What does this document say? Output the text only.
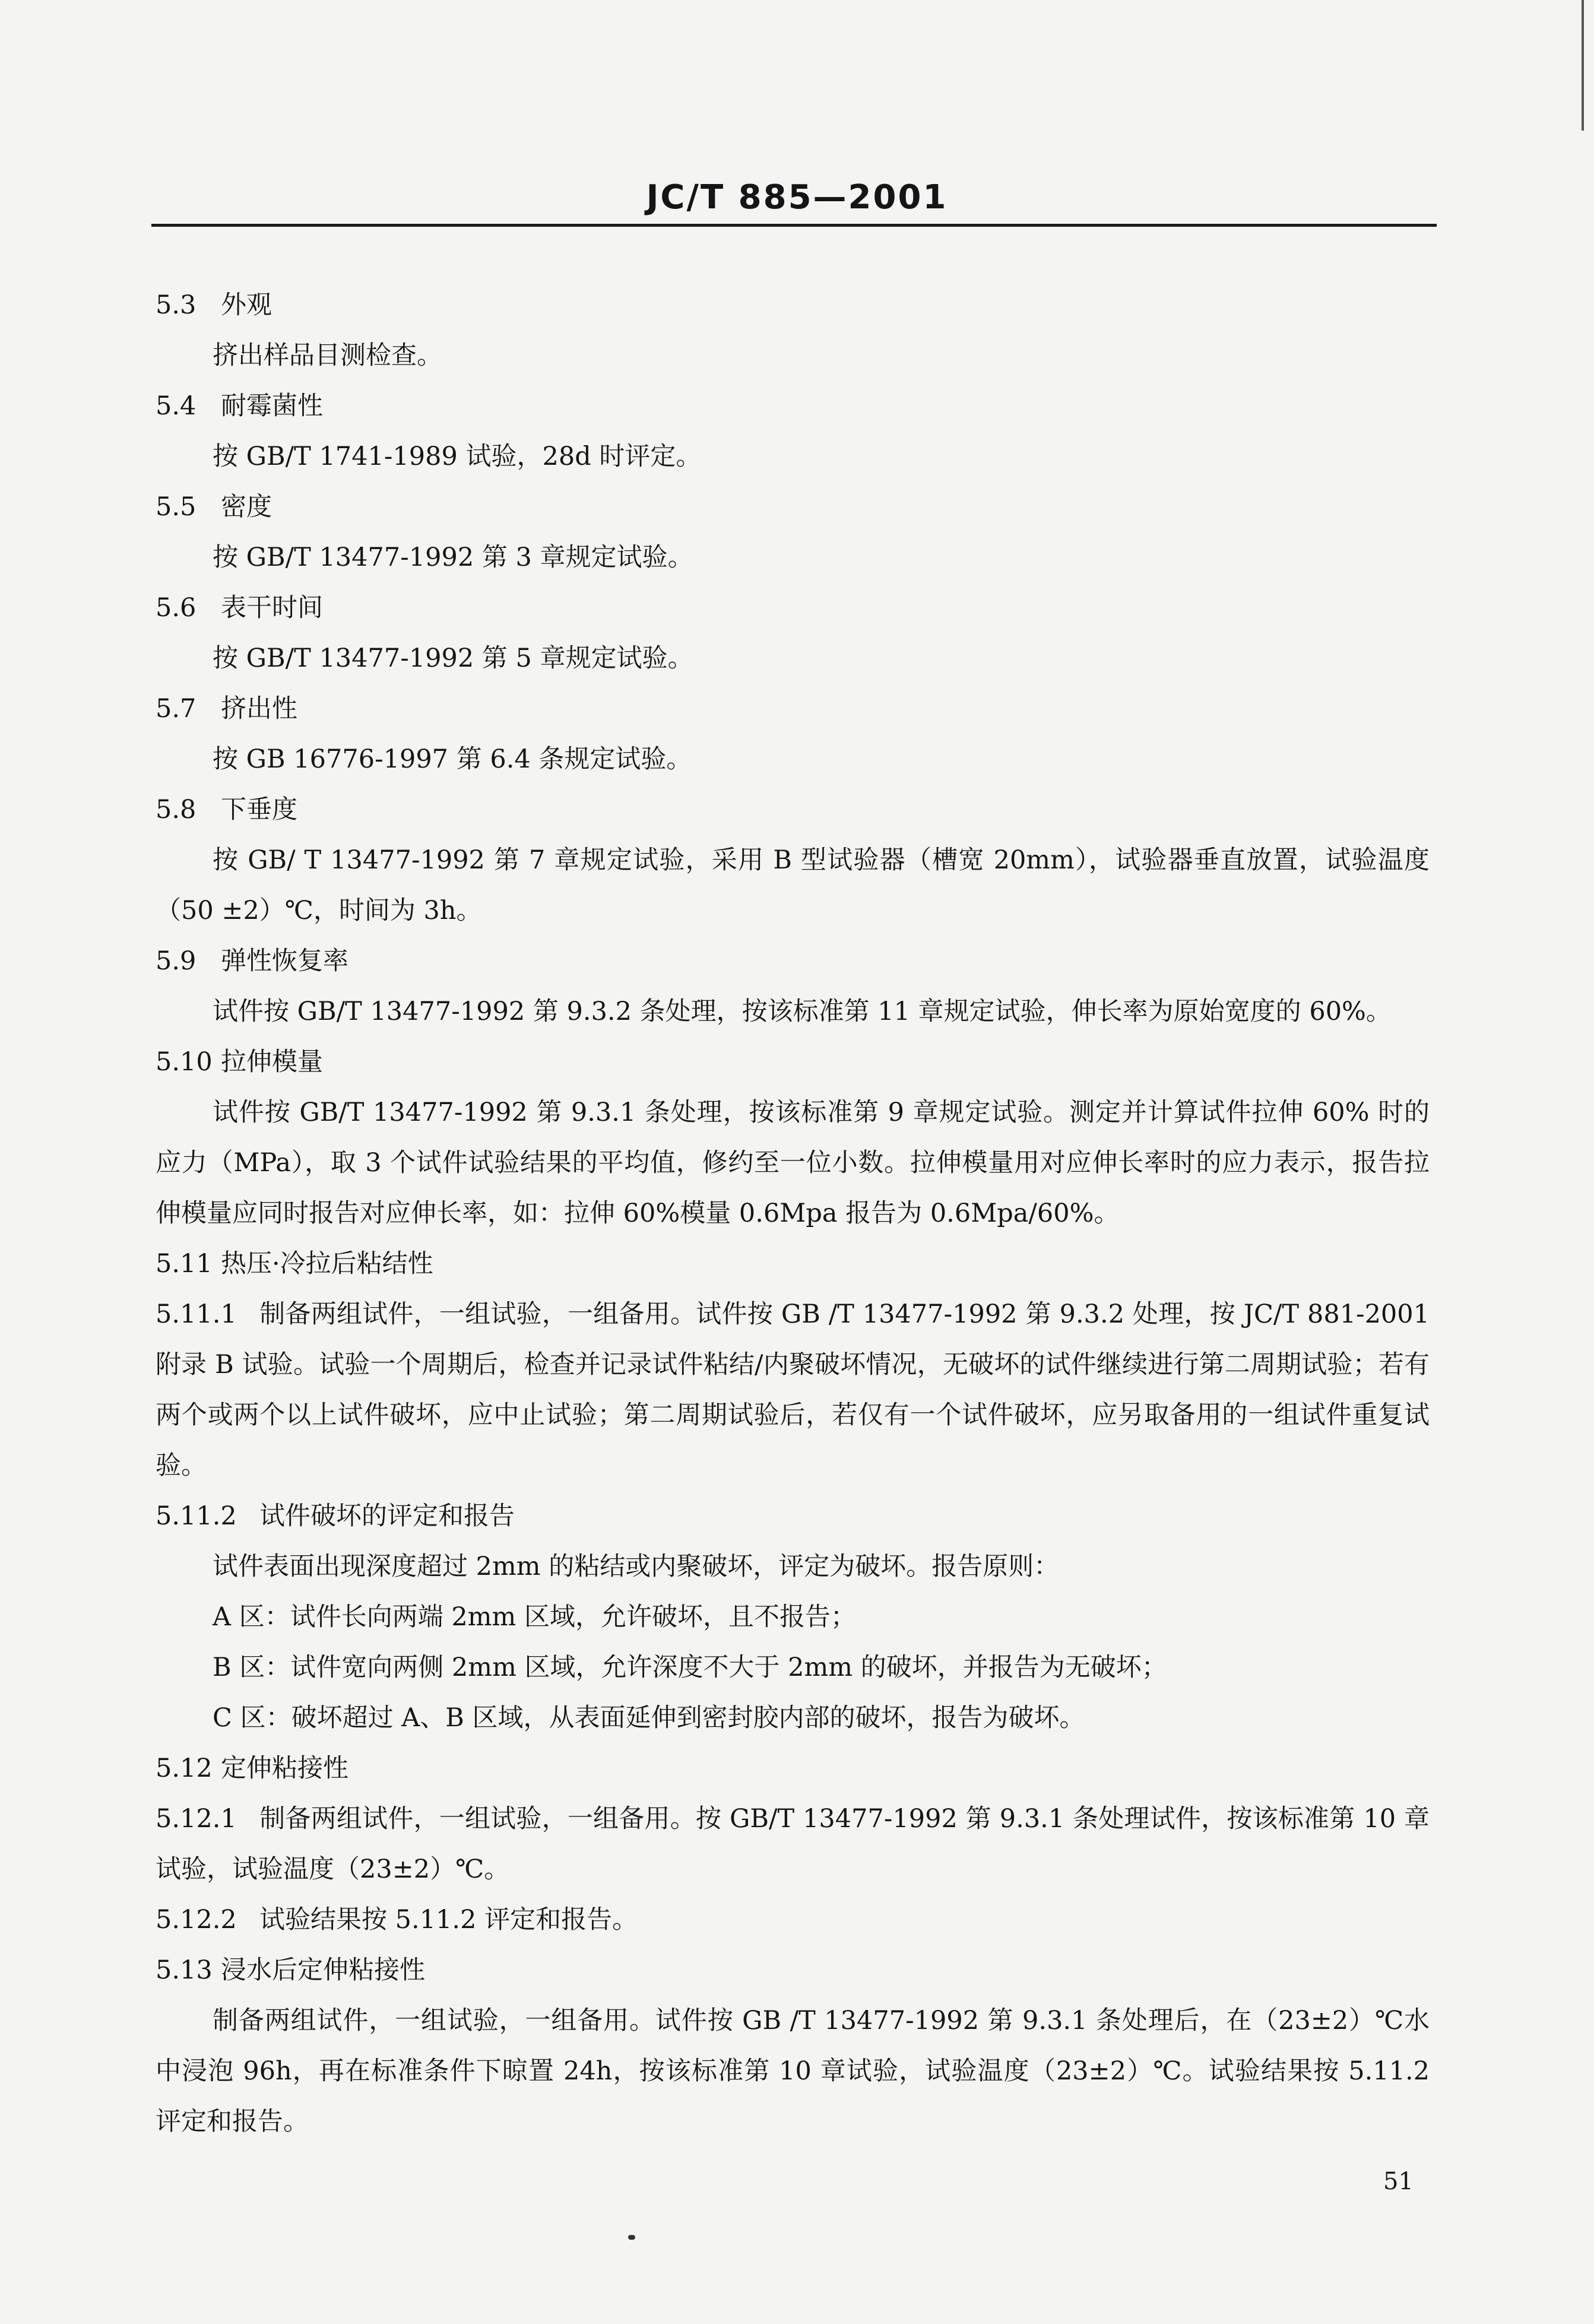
JC/T 885—2001
5.3 外观
挤出样品目测检查。
5.4 耐霉菌性
按 GB/T 1741-1989 试验，28d 时评定。
5.5 密度
按 GB/T 13477-1992 第 3 章规定试验。
5.6 表干时间
按 GB/T 13477-1992 第 5 章规定试验。
5.7 挤出性
按 GB 16776-1997 第 6.4 条规定试验。
5.8 下垂度
按 GB/ T 13477-1992 第 7 章规定试验，采用 B 型试验器（槽宽 20mm），试验器垂直放置，试验温度（50 ±2）℃，时间为 3h。
5.9 弹性恢复率
试件按 GB/T 13477-1992 第 9.3.2 条处理，按该标准第 11 章规定试验，伸长率为原始宽度的 60%。
5.10 拉伸模量
试件按 GB/T 13477-1992 第 9.3.1 条处理，按该标准第 9 章规定试验。测定并计算试件拉伸 60% 时的应力（MPa），取 3 个试件试验结果的平均值，修约至一位小数。拉伸模量用对应伸长率时的应力表示，报告拉伸模量应同时报告对应伸长率，如：拉伸 60%模量 0.6Mpa 报告为 0.6Mpa/60%。
5.11 热压·冷拉后粘结性
5.11.1 制备两组试件，一组试验，一组备用。试件按 GB /T 13477-1992 第 9.3.2 处理，按 JC/T 881-2001 附录 B 试验。试验一个周期后，检查并记录试件粘结/内聚破坏情况，无破坏的试件继续进行第二周期试验；若有两个或两个以上试件破坏，应中止试验；第二周期试验后，若仅有一个试件破坏，应另取备用的一组试件重复试验。
5.11.2 试件破坏的评定和报告
试件表面出现深度超过 2mm 的粘结或内聚破坏，评定为破坏。报告原则：
A 区：试件长向两端 2mm 区域，允许破坏，且不报告；
B 区：试件宽向两侧 2mm 区域，允许深度不大于 2mm 的破坏，并报告为无破坏；
C 区：破坏超过 A、B 区域，从表面延伸到密封胶内部的破坏，报告为破坏。
5.12 定伸粘接性
5.12.1 制备两组试件，一组试验，一组备用。按 GB/T 13477-1992 第 9.3.1 条处理试件，按该标准第 10 章试验，试验温度（23±2）℃。
5.12.2 试验结果按 5.11.2 评定和报告。
5.13 浸水后定伸粘接性
制备两组试件，一组试验，一组备用。试件按 GB /T 13477-1992 第 9.3.1 条处理后，在（23±2）℃水中浸泡 96h，再在标准条件下晾置 24h，按该标准第 10 章试验，试验温度（23±2）℃。试验结果按 5.11.2 评定和报告。
51
